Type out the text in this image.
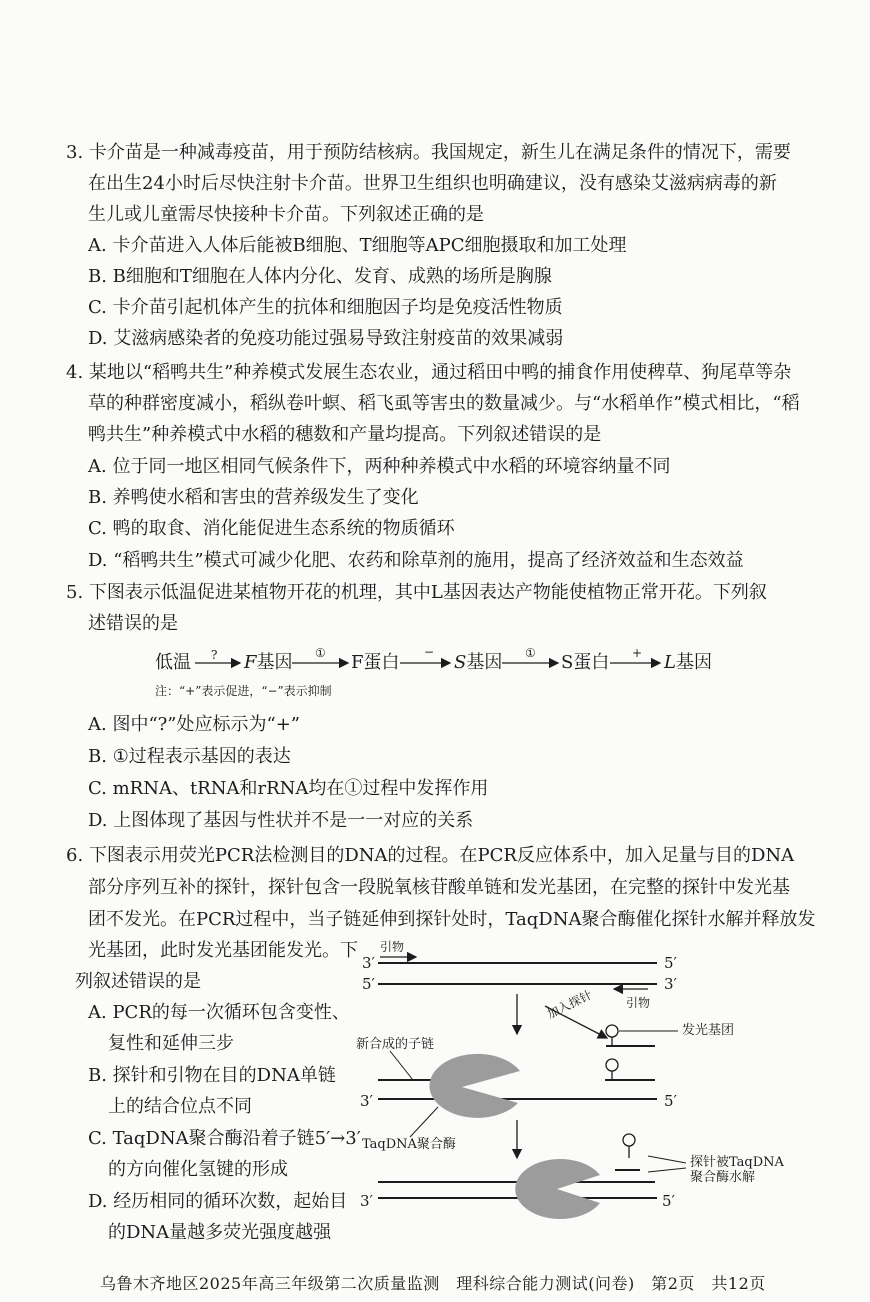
3. 卡介苗是一种减毒疫苗，用于预防结核病。我国规定，新生儿在满足条件的情况下，需要
在出生24小时后尽快注射卡介苗。世界卫生组织也明确建议，没有感染艾滋病病毒的新
生儿或儿童需尽快接种卡介苗。下列叙述正确的是
A. 卡介苗进入人体后能被B细胞、T细胞等APC细胞摄取和加工处理
B. B细胞和T细胞在人体内分化、发育、成熟的场所是胸腺
C. 卡介苗引起机体产生的抗体和细胞因子均是免疫活性物质
D. 艾滋病感染者的免疫功能过强易导致注射疫苗的效果减弱
4. 某地以“稻鸭共生”种养模式发展生态农业，通过稻田中鸭的捕食作用使稗草、狗尾草等杂
草的种群密度减小，稻纵卷叶螟、稻飞虱等害虫的数量减少。与“水稻单作”模式相比，“稻
鸭共生”种养模式中水稻的穗数和产量均提高。下列叙述错误的是
A. 位于同一地区相同气候条件下，两种种养模式中水稻的环境容纳量不同
B. 养鸭使水稻和害虫的营养级发生了变化
C. 鸭的取食、消化能促进生态系统的物质循环
D. “稻鸭共生”模式可减少化肥、农药和除草剂的施用，提高了经济效益和生态效益
5. 下图表示低温促进某植物开花的机理，其中L基因表达产物能使植物正常开花。下列叙
述错误的是
低温	F基因	F蛋白	S基因	S蛋白	L基因
?	①	−	①	+
注：“+”表示促进，“−”表示抑制
A. 图中“?”处应标示为“+”
B. ①过程表示基因的表达
C. mRNA、tRNA和rRNA均在①过程中发挥作用
D. 上图体现了基因与性状并不是一一对应的关系
6. 下图表示用荧光PCR法检测目的DNA的过程。在PCR反应体系中，加入足量与目的DNA
部分序列互补的探针，探针包含一段脱氧核苷酸单链和发光基团，在完整的探针中发光基
团不发光。在PCR过程中，当子链延伸到探针处时，TaqDNA聚合酶催化探针水解并释放发
光基团，此时发光基团能发光。下
列叙述错误的是
A. PCR的每一次循环包含变性、
复性和延伸三步
B. 探针和引物在目的DNA单链
上的结合位点不同
C. TaqDNA聚合酶沿着子链5′→3′
的方向催化氢键的形成
D. 经历相同的循环次数，起始目
的DNA量越多荧光强度越强
引物
3′	5′
5′	3′
引物
加入探针
发光基团
新合成的子链
3′	5′
TaqDNA聚合酶
探针被TaqDNA
聚合酶水解
3′	5′
乌鲁木齐地区2025年高三年级第二次质量监测　理科综合能力测试(问卷)　第2页　共12页
